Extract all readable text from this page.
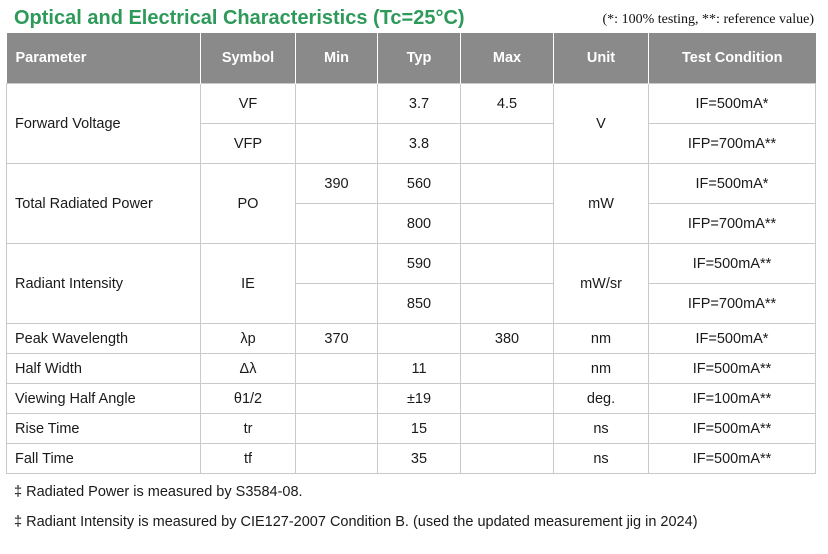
Optical and Electrical Characteristics (Tc=25°C)	(*: 100% testing, **: reference value)
Parameter	Symbol	Min	Typ	Max	Unit	Test Condition
Forward Voltage	VF		3.7	4.5	V	IF=500mA*
	VFP		3.8			IFP=700mA**
Total Radiated Power	PO	390	560		mW	IF=500mA*
			800			IFP=700mA**
Radiant Intensity	IE		590		mW/sr	IF=500mA**
			850			IFP=700mA**
Peak Wavelength	λp	370		380	nm	IF=500mA*
Half Width	Δλ		11		nm	IF=500mA**
Viewing Half Angle	θ1/2		±19		deg.	IF=100mA**
Rise Time	tr		15		ns	IF=500mA**
Fall Time	tf		35		ns	IF=500mA**
‡ Radiated Power is measured by S3584-08.
‡ Radiant Intensity is measured by CIE127-2007 Condition B. (used the updated measurement jig in 2024)
